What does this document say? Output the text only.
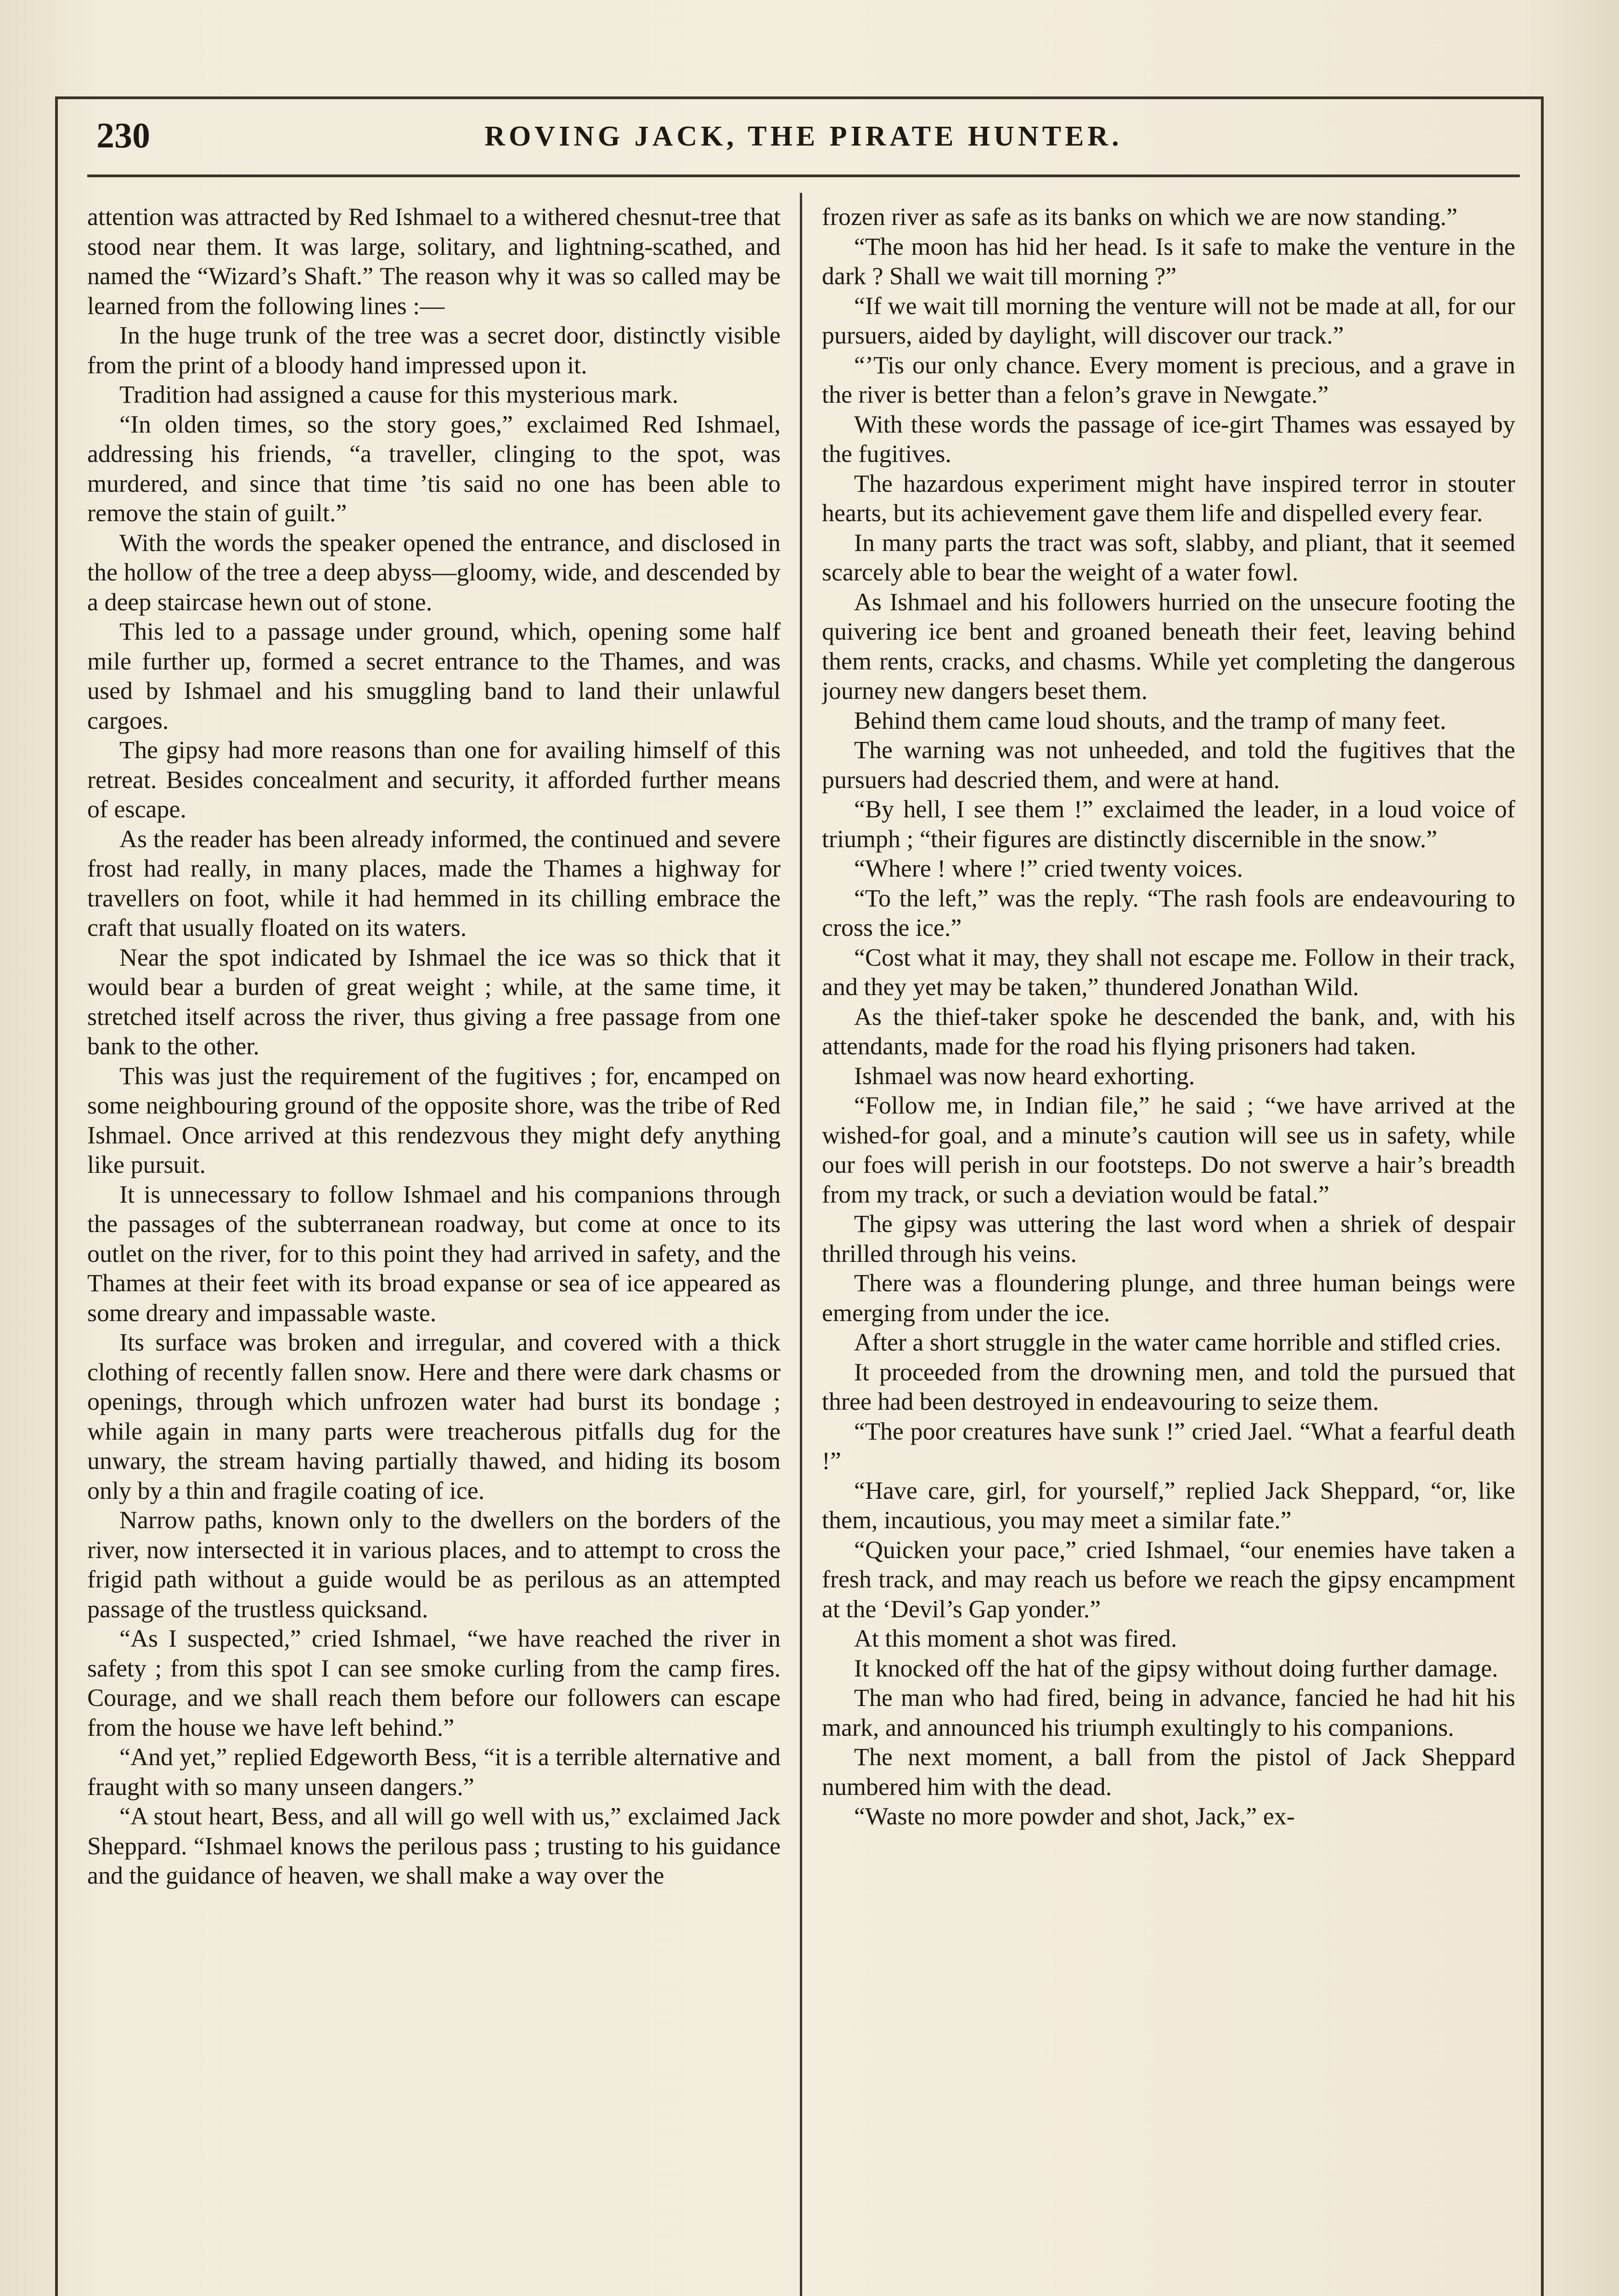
230	ROVING JACK, THE PIRATE HUNTER.

attention was attracted by Red Ishmael to a withered chesnut-tree that stood near them. It was large, solitary, and lightning-scathed, and named the “Wizard’s Shaft.” The reason why it was so called may be learned from the following lines :—

In the huge trunk of the tree was a secret door, distinctly visible from the print of a bloody hand impressed upon it.

Tradition had assigned a cause for this mysterious mark.

“In olden times, so the story goes,” exclaimed Red Ishmael, addressing his friends, “a traveller, clinging to the spot, was murdered, and since that time ’tis said no one has been able to remove the stain of guilt.”

With the words the speaker opened the entrance, and disclosed in the hollow of the tree a deep abyss—gloomy, wide, and descended by a deep staircase hewn out of stone.

This led to a passage under ground, which, opening some half mile further up, formed a secret entrance to the Thames, and was used by Ishmael and his smuggling band to land their unlawful cargoes.

The gipsy had more reasons than one for availing himself of this retreat. Besides concealment and security, it afforded further means of escape.

As the reader has been already informed, the continued and severe frost had really, in many places, made the Thames a highway for travellers on foot, while it had hemmed in its chilling embrace the craft that usually floated on its waters.

Near the spot indicated by Ishmael the ice was so thick that it would bear a burden of great weight ; while, at the same time, it stretched itself across the river, thus giving a free passage from one bank to the other.

This was just the requirement of the fugitives ; for, encamped on some neighbouring ground of the opposite shore, was the tribe of Red Ishmael. Once arrived at this rendezvous they might defy anything like pursuit.

It is unnecessary to follow Ishmael and his companions through the passages of the subterranean roadway, but come at once to its outlet on the river, for to this point they had arrived in safety, and the Thames at their feet with its broad expanse or sea of ice appeared as some dreary and impassable waste.

Its surface was broken and irregular, and covered with a thick clothing of recently fallen snow. Here and there were dark chasms or openings, through which unfrozen water had burst its bondage ; while again in many parts were treacherous pitfalls dug for the unwary, the stream having partially thawed, and hiding its bosom only by a thin and fragile coating of ice.

Narrow paths, known only to the dwellers on the borders of the river, now intersected it in various places, and to attempt to cross the frigid path without a guide would be as perilous as an attempted passage of the trustless quicksand.

“As I suspected,” cried Ishmael, “we have reached the river in safety ; from this spot I can see smoke curling from the camp fires. Courage, and we shall reach them before our followers can escape from the house we have left behind.”

“And yet,” replied Edgeworth Bess, “it is a terrible alternative and fraught with so many unseen dangers.”

“A stout heart, Bess, and all will go well with us,” exclaimed Jack Sheppard. “Ishmael knows the perilous pass ; trusting to his guidance and the guidance of heaven, we shall make a way over the

frozen river as safe as its banks on which we are now standing.”

“The moon has hid her head. Is it safe to make the venture in the dark ? Shall we wait till morning ?”

“If we wait till morning the venture will not be made at all, for our pursuers, aided by daylight, will discover our track.”

“’Tis our only chance. Every moment is precious, and a grave in the river is better than a felon’s grave in Newgate.”

With these words the passage of ice-girt Thames was essayed by the fugitives.

The hazardous experiment might have inspired terror in stouter hearts, but its achievement gave them life and dispelled every fear.

In many parts the tract was soft, slabby, and pliant, that it seemed scarcely able to bear the weight of a water fowl.

As Ishmael and his followers hurried on the unsecure footing the quivering ice bent and groaned beneath their feet, leaving behind them rents, cracks, and chasms. While yet completing the dangerous journey new dangers beset them.

Behind them came loud shouts, and the tramp of many feet.

The warning was not unheeded, and told the fugitives that the pursuers had descried them, and were at hand.

“By hell, I see them !” exclaimed the leader, in a loud voice of triumph ; “their figures are distinctly discernible in the snow.”

“Where ! where !” cried twenty voices.

“To the left,” was the reply. “The rash fools are endeavouring to cross the ice.”

“Cost what it may, they shall not escape me. Follow in their track, and they yet may be taken,” thundered Jonathan Wild.

As the thief-taker spoke he descended the bank, and, with his attendants, made for the road his flying prisoners had taken.

Ishmael was now heard exhorting.

“Follow me, in Indian file,” he said ; “we have arrived at the wished-for goal, and a minute’s caution will see us in safety, while our foes will perish in our footsteps. Do not swerve a hair’s breadth from my track, or such a deviation would be fatal.”

The gipsy was uttering the last word when a shriek of despair thrilled through his veins.

There was a floundering plunge, and three human beings were emerging from under the ice.

After a short struggle in the water came horrible and stifled cries.

It proceeded from the drowning men, and told the pursued that three had been destroyed in endeavouring to seize them.

“The poor creatures have sunk !” cried Jael. “What a fearful death !”

“Have care, girl, for yourself,” replied Jack Sheppard, “or, like them, incautious, you may meet a similar fate.”

“Quicken your pace,” cried Ishmael, “our enemies have taken a fresh track, and may reach us before we reach the gipsy encampment at the ‘Devil’s Gap yonder.”

At this moment a shot was fired.

It knocked off the hat of the gipsy without doing further damage.

The man who had fired, being in advance, fancied he had hit his mark, and announced his triumph exultingly to his companions.

The next moment, a ball from the pistol of Jack Sheppard numbered him with the dead.

“Waste no more powder and shot, Jack,” ex-
